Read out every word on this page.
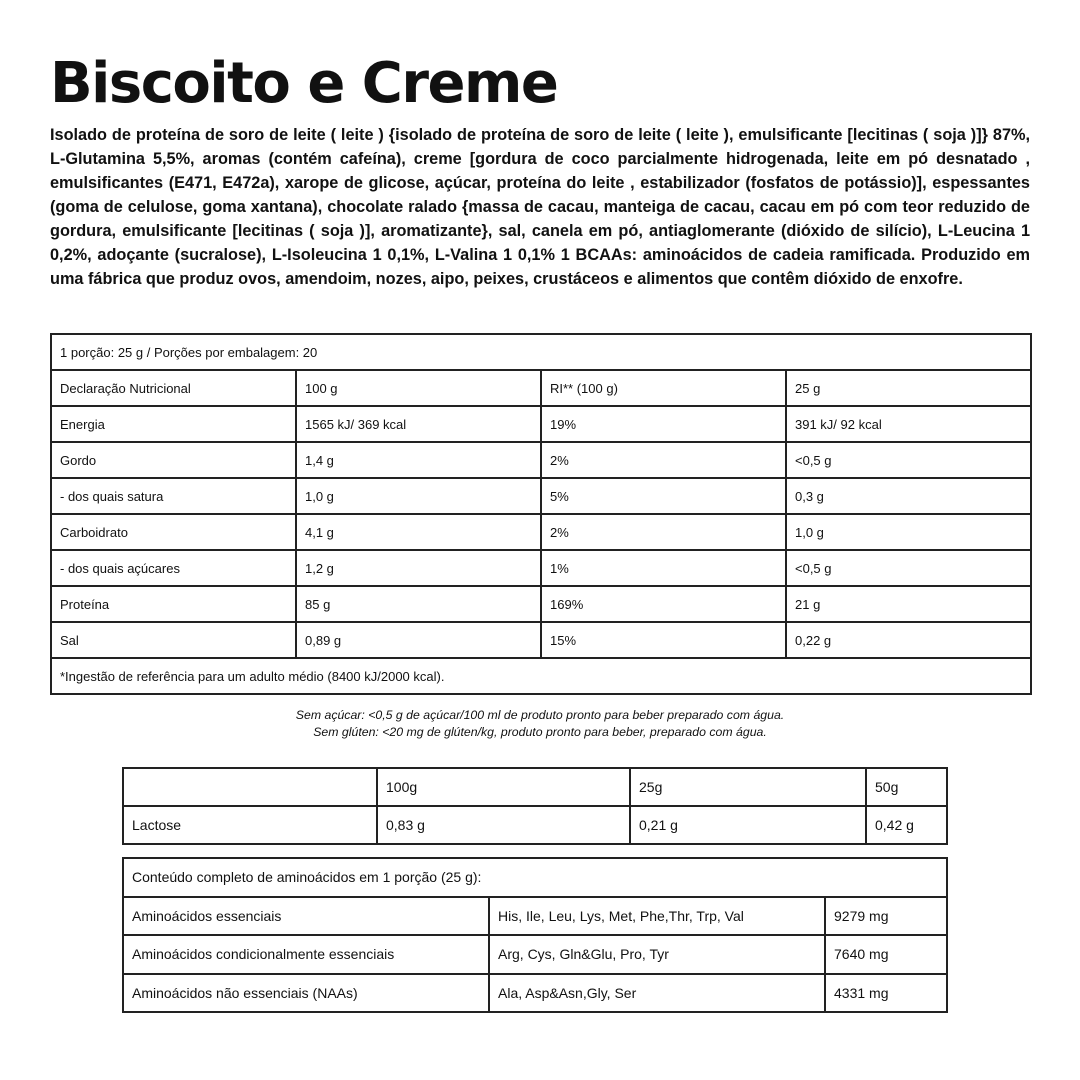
Biscoito e Creme

Isolado de proteína de soro de leite ( leite ) {isolado de proteína de soro de leite ( leite ), emulsificante [lecitinas ( soja )]} 87%, L-Glutamina 5,5%, aromas (contém cafeína), creme [gordura de coco parcialmente hidrogenada, leite em pó desnatado , emulsificantes (E471, E472a), xarope de glicose, açúcar, proteína do leite , estabilizador (fosfatos de potássio)], espessantes (goma de celulose, goma xantana), chocolate ralado {massa de cacau, manteiga de cacau, cacau em pó com teor reduzido de gordura, emulsificante [lecitinas ( soja )], aromatizante}, sal, canela em pó, antiaglomerante (dióxido de silício), L-Leucina 1 0,2%, adoçante (sucralose), L-Isoleucina 1 0,1%, L-Valina 1 0,1% 1 BCAAs: aminoácidos de cadeia ramificada. Produzido em uma fábrica que produz ovos, amendoim, nozes, aipo, peixes, crustáceos e alimentos que contêm dióxido de enxofre.

1 porção: 25 g / Porções por embalagem: 20			
Declaração Nutricional	100 g	RI** (100 g)	25 g
Energia	1565 kJ/ 369 kcal	19%	391 kJ/ 92 kcal
Gordo	1,4 g	2%	<0,5 g
- dos quais satura	1,0 g	5%	0,3 g
Carboidrato	4,1 g	2%	1,0 g
- dos quais açúcares	1,2 g	1%	<0,5 g
Proteína	85 g	169%	21 g
Sal	0,89 g	15%	0,22 g
*Ingestão de referência para um adulto médio (8400 kJ/2000 kcal).			
Sem açúcar: <0,5 g de açúcar/100 ml de produto pronto para beber preparado com água.
Sem glúten: <20 mg de glúten/kg, produto pronto para beber, preparado com água.
	100g	25g	50g
Lactose	0,83 g	0,21 g	0,42 g
Conteúdo completo de aminoácidos em 1 porção (25 g):		
Aminoácidos essenciais	His, Ile, Leu, Lys, Met, Phe,Thr, Trp, Val	9279 mg
Aminoácidos condicionalmente essenciais	Arg, Cys, Gln&Glu, Pro, Tyr	7640 mg
Aminoácidos não essenciais (NAAs)	Ala, Asp&Asn,Gly, Ser	4331 mg
